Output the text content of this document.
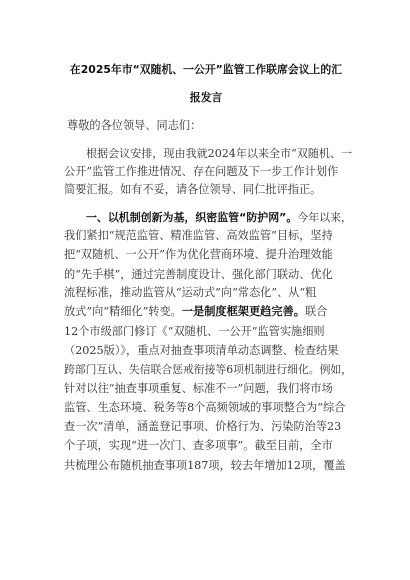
在2025年市“双随机、一公开”监管工作联席会议上的汇
报发言
尊敬的各位领导、同志们：
根据会议安排，现由我就2024年以来全市“双随机、一
公开”监管工作推进情况、存在问题及下一步工作计划作
简要汇报。如有不妥，请各位领导、同仁批评指正。
一、以机制创新为基，织密监管“防护网”。今年以来，
我们紧扣“规范监管、精准监管、高效监管”目标，坚持
把“双随机、一公开”作为优化营商环境、提升治理效能
的“先手棋”，通过完善制度设计、强化部门联动、优化
流程标准，推动监管从“运动式”向“常态化”、从“粗
放式”向“精细化”转变。一是制度框架更趋完善。联合
12个市级部门修订《“双随机、一公开”监管实施细则
（2025版）》，重点对抽查事项清单动态调整、检查结果
跨部门互认、失信联合惩戒衔接等6项机制进行细化。例如，
针对以往“抽查事项重复、标准不一”问题，我们将市场
监管、生态环境、税务等8个高频领域的事项整合为“综合
查一次”清单，涵盖登记事项、价格行为、污染防治等23
个子项，实现“进一次门、查多项事”。截至目前，全市
共梳理公布随机抽查事项187项，较去年增加12项，覆盖
